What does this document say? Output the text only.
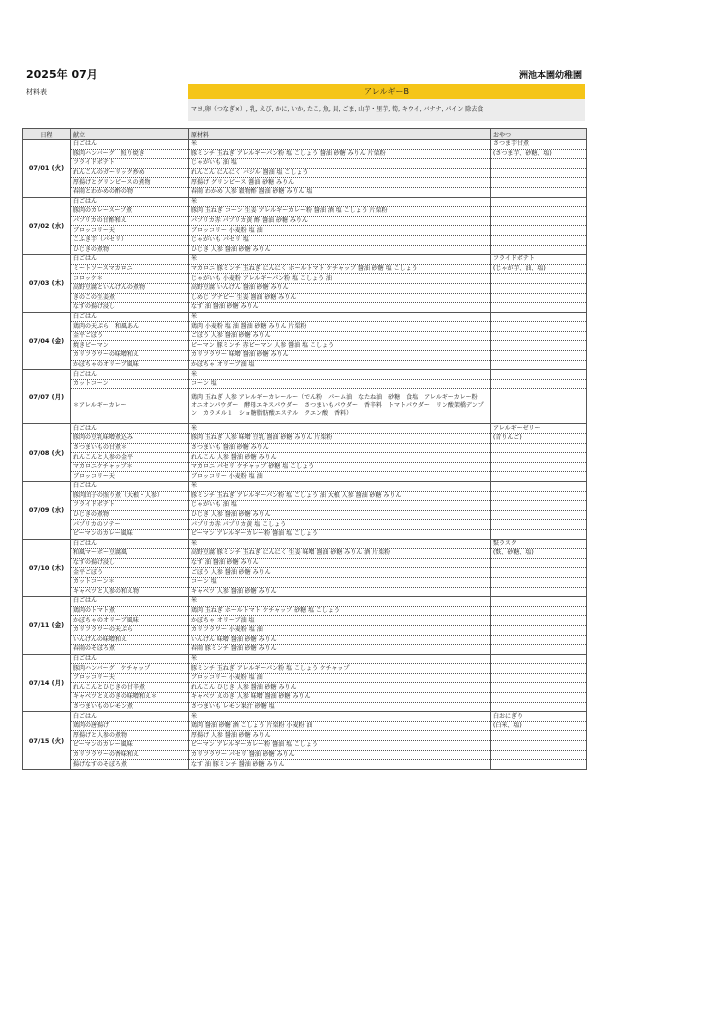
2025年 07月	洲池本園幼稚園
材料表	アレルギーB
マヨ,卵（つなぎ×）, 乳, えび, かに, いか, たこ, 魚, 貝, ごま, 山芋・里芋, 筍, キウイ, バナナ, パイン 除去食
日程	献立	原材料	おやつ
07/01 (火)	白ごはん	米	さつま芋甘煮
	豚肉ハンバーグ　照り焼き	豚ミンチ 玉ねぎ アレルギーパン粉 塩 こしょう 醤油 砂糖 みりん 片栗粉	(さつま芋、砂糖、塩)
	フライドポテト	じゃがいも 油 塩	
	れんこんのガーリック炒め	れんこん にんにく バジル 醤油 塩 こしょう	
	厚揚げとグリンピースの煮物	厚揚げ グリンピース 醤油 砂糖 みりん	
	春雨とわかめの酢の物	春雨 わかめ 人参 穀物酢 醤油 砂糖 みりん 塩	
07/02 (水)	白ごはん	米	
	豚肉のカレースープ煮	豚肉 玉ねぎ コーン 生姜 アレルギーカレー粉 醤油 酒 塩 こしょう 片栗粉	
	パプリカの甘酢和え	パプリカ赤 パプリカ黄 酢 醤油 砂糖 みりん	
	ブロッコリー天	ブロッコリー 小麦粉 塩 油	
	こふき芋（パセリ）	じゃがいも パセリ 塩	
	ひじきの煮物	ひじき 人参 醤油 砂糖 みりん	
07/03 (木)	白ごはん	米	フライドポテト
	ミートソースマカロニ	マカロニ 豚ミンチ 玉ねぎ にんにく ホールトマト ケチャップ 醤油 砂糖 塩 こしょう	(じゃが芋、油、塩)
	コロッケ＊	じゃがいも 小麦粉 アレルギーパン粉 塩 こしょう 油	
	高野豆腐といんげんの煮物	高野豆腐 いんげん 醤油 砂糖 みりん	
	きのこの生姜煮	しめじ ブナピー 生姜 醤油 砂糖 みりん	
	なすの揚げ浸し	なす 油 醤油 砂糖 みりん	
07/04 (金)	白ごはん	米	
	鶏肉の天ぷら　和風あん	鶏肉 小麦粉 塩 油 醤油 砂糖 みりん 片栗粉	
	金平ごぼう	ごぼう 人参 醤油 砂糖 みりん	
	焼きピーマン	ピーマン 豚ミンチ 赤ピーマン 人参 醤油 塩 こしょう	
	カリフラワーの味噌和え	カリフラワー 味噌 醤油 砂糖 みりん	
	かぼちゃのオリーブ風味	かぼちゃ オリーブ油 塩	
07/07 (月)	白ごはん	米	
	カットコーン	コーン 塩	
	＊アレルギーカレー	鶏肉 玉ねぎ 人参 アレルギーカレールー（でん粉　パーム油　なたね油　砂糖　食塩　アレルギーカレー粉　オニオンパウダー　酵母エキスパウダー　さつまいもパウダー　香辛料　トマトパウダー　リン酸架橋デンプン　カラメル１　ショ糖脂肪酸エステル　クエン酸　香料）	
07/08 (火)	白ごはん	米	アレルギーゼリー
	豚肉の豆乳味噌煮込み	豚肉 玉ねぎ 人参 味噌 豆乳 醤油 砂糖 みりん 片栗粉	(青りんご)
	さつまいもの甘煮＊	さつまいも 醤油 砂糖 みりん	
	れんこんと人参の金平	れんこん 人参 醤油 砂糖 みりん	
	マカロニケチャップ＊	マカロニ パセリ ケチャップ 砂糖 塩 こしょう	
	ブロッコリー天	ブロッコリー 小麦粉 塩 油	
07/09 (水)	白ごはん	米	
	豚肉団子の照り煮（大根・人参）	豚ミンチ 玉ねぎ アレルギーパン粉 塩 こしょう 油 大根 人参 醤油 砂糖 みりん	
	フライドポテト	じゃがいも 油 塩	
	ひじきの煮物	ひじき 人参 醤油 砂糖 みりん	
	パプリカのソテー	パプリカ赤 パプリカ黄 塩 こしょう	
	ピーマンのカレー風味	ピーマン アレルギーカレー粉 醤油 塩 こしょう	
07/10 (木)	白ごはん	米	麩ラスク
	和風マーボー豆腐風	高野豆腐 豚ミンチ 玉ねぎ にんにく 生姜 味噌 醤油 砂糖 みりん 酒 片栗粉	(麩、砂糖、塩)
	なすの揚げ浸し	なす 油 醤油 砂糖 みりん	
	金平ごぼう	ごぼう 人参 醤油 砂糖 みりん	
	カットコーン＊	コーン 塩	
	キャベツと人参の和え物	キャベツ 人参 醤油 砂糖 みりん	
07/11 (金)	白ごはん	米	
	鶏肉のトマト煮	鶏肉 玉ねぎ ホールトマト ケチャップ 砂糖 塩 こしょう	
	かぼちゃのオリーブ風味	かぼちゃ オリーブ油 塩	
	カリフラワーの天ぷら	カリフラワー 小麦粉 塩 油	
	いんげんの味噌和え	いんげん 味噌 醤油 砂糖 みりん	
	春雨のそぼろ煮	春雨 豚ミンチ 醤油 砂糖 みりん	
07/14 (月)	白ごはん	米	
	豚肉ハンバーグ　ケチャップ	豚ミンチ 玉ねぎ アレルギーパン粉 塩 こしょう ケチャップ	
	ブロッコリー天	ブロッコリー 小麦粉 塩 油	
	れんこんとひじきの甘辛煮	れんこん ひじき 人参 醤油 砂糖 みりん	
	キャベツとえのきの味噌和え＊	キャベツ えのき 人参 味噌 醤油 砂糖 みりん	
	さつまいものレモン煮	さつまいも レモン果汁 砂糖 塩	
07/15 (火)	白ごはん	米	白おにぎり
	鶏肉の唐揚げ	鶏肉 醤油 砂糖 酒 こしょう 片栗粉 小麦粉 油	(白米、塩)
	厚揚げと人参の煮物	厚揚げ 人参 醤油 砂糖 みりん	
	ピーマンのカレー風味	ピーマン アレルギーカレー粉 醤油 塩 こしょう	
	カリフラワーの香味和え	カリフラワー パセリ 醤油 砂糖 みりん	
	揚げなすのそぼろ煮	なす 油 豚ミンチ 醤油 砂糖 みりん	
